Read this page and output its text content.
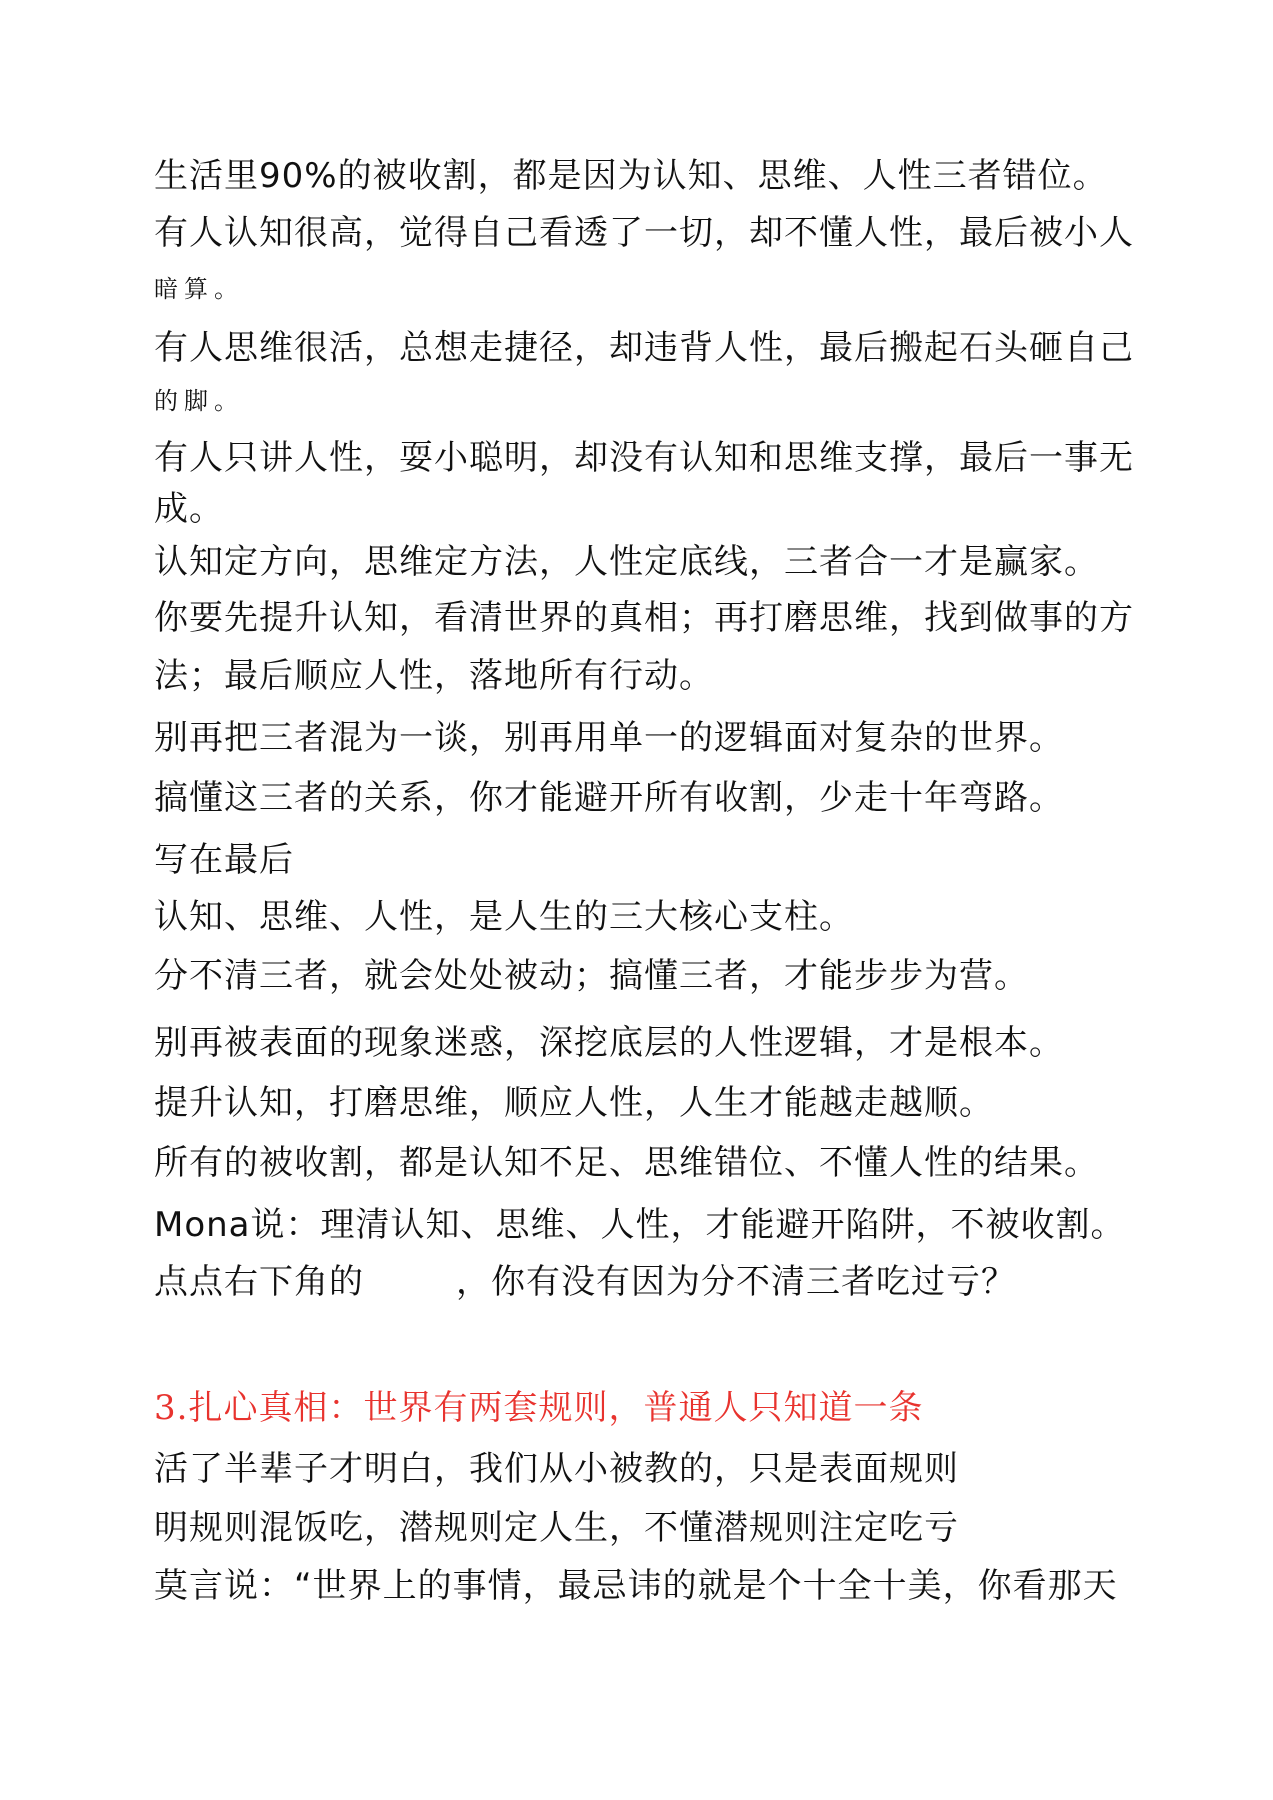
生活里90%的被收割，都是因为认知、思维、人性三者错位。
有人认知很高，觉得自己看透了一切，却不懂人性，最后被小人
暗算。
有人思维很活，总想走捷径，却违背人性，最后搬起石头砸自己
的脚。
有人只讲人性，耍小聪明，却没有认知和思维支撑，最后一事无
成。
认知定方向，思维定方法，人性定底线，三者合一才是赢家。
你要先提升认知，看清世界的真相；再打磨思维，找到做事的方
法；最后顺应人性，落地所有行动。
别再把三者混为一谈，别再用单一的逻辑面对复杂的世界。
搞懂这三者的关系，你才能避开所有收割，少走十年弯路。
写在最后
认知、思维、人性，是人生的三大核心支柱。
分不清三者，就会处处被动；搞懂三者，才能步步为营。
别再被表面的现象迷惑，深挖底层的人性逻辑，才是根本。
提升认知，打磨思维，顺应人性，人生才能越走越顺。
所有的被收割，都是认知不足、思维错位、不懂人性的结果。
Mona说：理清认知、思维、人性，才能避开陷阱，不被收割。
点点右下角的	，你有没有因为分不清三者吃过亏？
3.扎心真相：世界有两套规则，普通人只知道一条
活了半辈子才明白，我们从小被教的，只是表面规则
明规则混饭吃，潜规则定人生，不懂潜规则注定吃亏
莫言说：“世界上的事情，最忌讳的就是个十全十美，你看那天
